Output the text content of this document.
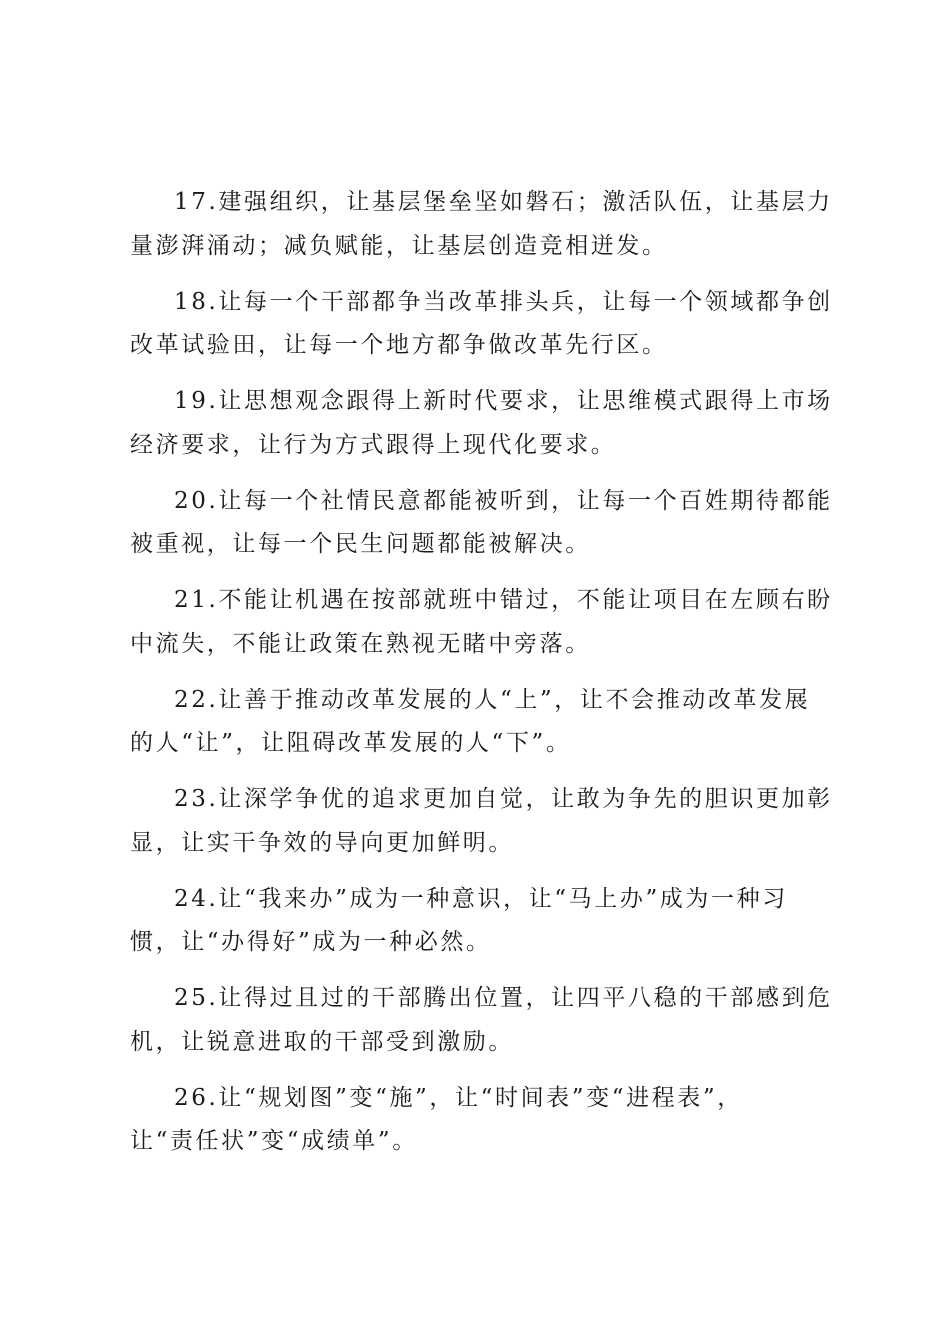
17.建强组织，让基层堡垒坚如磐石；激活队伍，让基层力
量澎湃涌动；减负赋能，让基层创造竞相迸发。

18.让每一个干部都争当改革排头兵，让每一个领域都争创
改革试验田，让每一个地方都争做改革先行区。

19.让思想观念跟得上新时代要求，让思维模式跟得上市场
经济要求，让行为方式跟得上现代化要求。

20.让每一个社情民意都能被听到，让每一个百姓期待都能
被重视，让每一个民生问题都能被解决。

21.不能让机遇在按部就班中错过，不能让项目在左顾右盼
中流失，不能让政策在熟视无睹中旁落。

22.让善于推动改革发展的人“上”，让不会推动改革发展
的人“让”，让阻碍改革发展的人“下”。

23.让深学争优的追求更加自觉，让敢为争先的胆识更加彰
显，让实干争效的导向更加鲜明。

24.让“我来办”成为一种意识，让“马上办”成为一种习
惯，让“办得好”成为一种必然。

25.让得过且过的干部腾出位置，让四平八稳的干部感到危
机，让锐意进取的干部受到激励。

26.让“规划图”变“施”，让“时间表”变“进程表”，
让“责任状”变“成绩单”。
